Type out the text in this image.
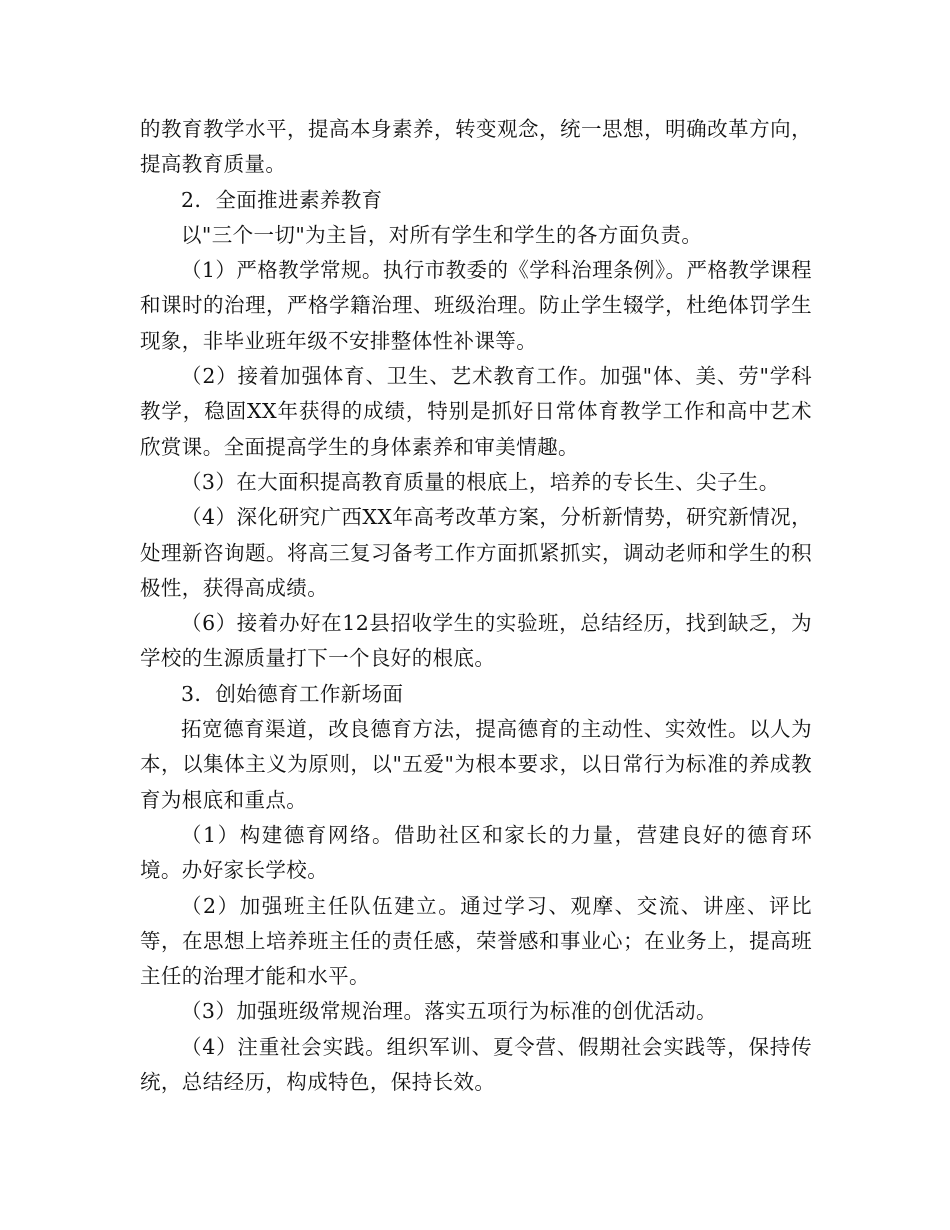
的教育教学水平，提高本身素养，转变观念，统一思想，明确改革方向，提高教育质量。

2．全面推进素养教育

以"三个一切"为主旨，对所有学生和学生的各方面负责。

（1）严格教学常规。执行市教委的《学科治理条例》。严格教学课程和课时的治理，严格学籍治理、班级治理。防止学生辍学，杜绝体罚学生现象，非毕业班年级不安排整体性补课等。

（2）接着加强体育、卫生、艺术教育工作。加强"体、美、劳"学科教学，稳固XX年获得的成绩，特别是抓好日常体育教学工作和高中艺术欣赏课。全面提高学生的身体素养和审美情趣。

（3）在大面积提高教育质量的根底上，培养的专长生、尖子生。

（4）深化研究广西XX年高考改革方案，分析新情势，研究新情况，处理新咨询题。将高三复习备考工作方面抓紧抓实，调动老师和学生的积极性，获得高成绩。

（6）接着办好在12县招收学生的实验班，总结经历，找到缺乏，为学校的生源质量打下一个良好的根底。

3．创始德育工作新场面

拓宽德育渠道，改良德育方法，提高德育的主动性、实效性。以人为本，以集体主义为原则，以"五爱"为根本要求，以日常行为标准的养成教育为根底和重点。

（1）构建德育网络。借助社区和家长的力量，营建良好的德育环境。办好家长学校。

（2）加强班主任队伍建立。通过学习、观摩、交流、讲座、评比等，在思想上培养班主任的责任感，荣誉感和事业心；在业务上，提高班主任的治理才能和水平。

（3）加强班级常规治理。落实五项行为标准的创优活动。

（4）注重社会实践。组织军训、夏令营、假期社会实践等，保持传统，总结经历，构成特色，保持长效。
